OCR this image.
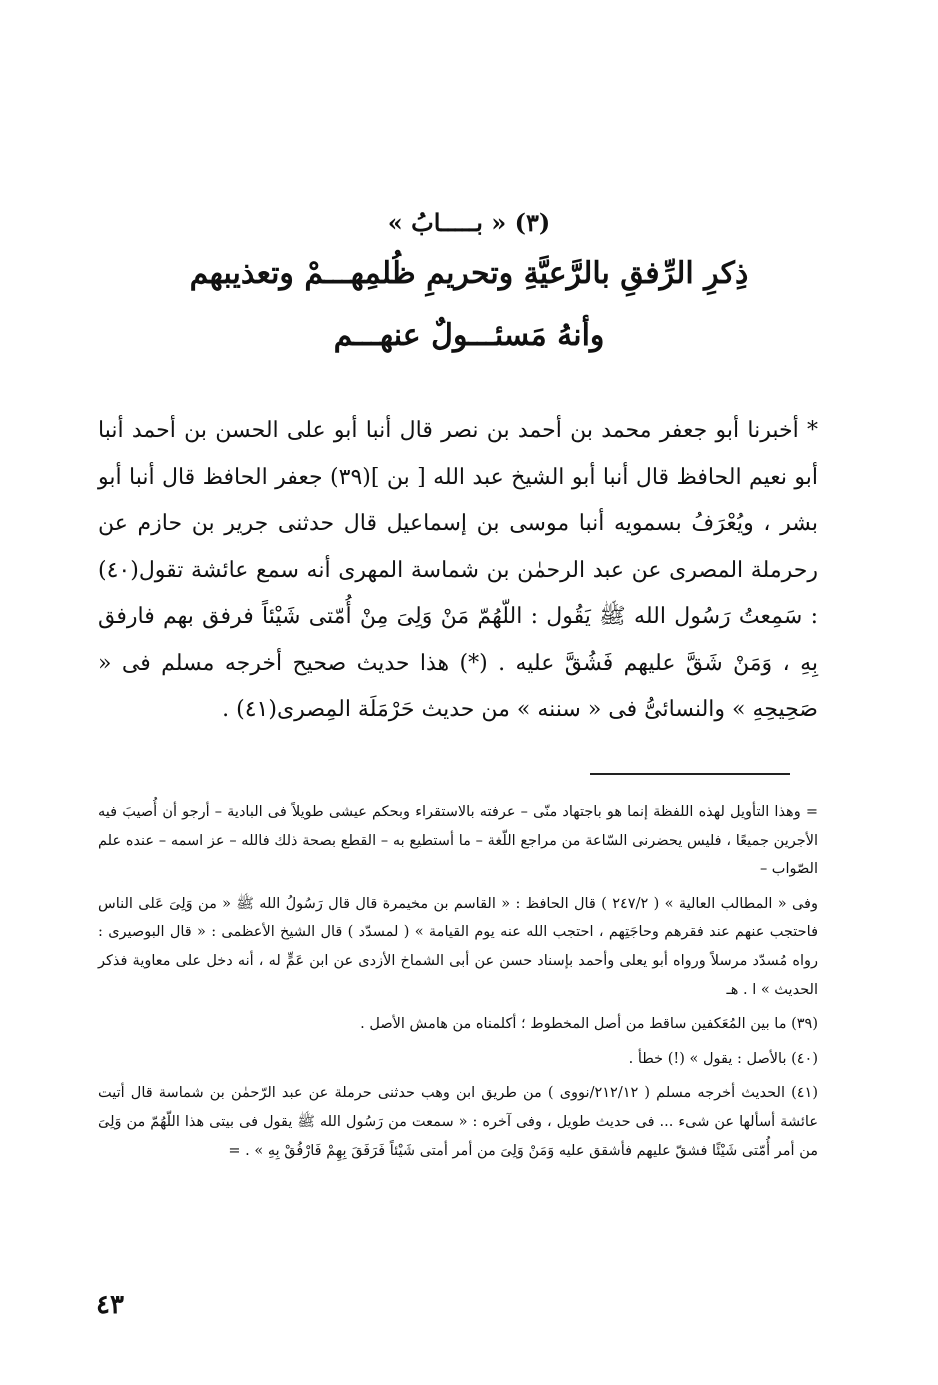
(٣) « بـــــابُ »
ذِكرِ الرِّفقِ بالرَّعيَّةِ وتحريمِ ظُلمِهـــمْ وتعذيبهم
وأنهُ مَسئـــولٌ عنهـــم

* أخبرنا أبو جعفر محمد بن أحمد بن نصر قال أنبا أبو على الحسن بن أحمد أنبا أبو نعيم الحافظ قال أنبا أبو الشيخ عبد الله [ بن ](٣٩) جعفر الحافظ قال أنبا أبو بشر ، ويُعْرَفُ بسمويه أنبا موسى بن إسماعيل قال حدثنى جرير بن حازم عن رحرملة المصرى عن عبد الرحمٰن بن شماسة المهرى أنه سمع عائشة تقول(٤٠) : سَمِعتُ رَسُول الله ﷺ يَقُول : اللّهُمّ مَنْ وَلِىَ مِنْ أُمّتى شَيْئاً فرفق بهم فارفق بِهِ ، وَمَنْ شَقَّ عليهم فَشُقَّ عليه . (*) هذا حديث صحيح أخرجه مسلم فى « صَحِيحِهِ » والنسائىُّ فى « سننه » من حديث حَرْمَلَة المِصرى(٤١) .

= وهذا التأويل لهذه اللفظة إنما هو باجتهاد منّى – عرفته بالاستقراء وبحكم عيشى طويلاً فى البادية – أرجو أن أُصيبَ فيه الأجرين جميعًا ، فليس يحضرنى السّاعة من مراجع اللّغة – ما أستطيع به – القطع بصحة ذلك فالله – عز اسمه – عنده علم الصّواب –

وفى « المطالب العالية » ( ٢٤٧/٢ ) قال الحافظ : « القاسم بن مخيمرة قال قال رَسُولُ الله ﷺ « من وَلِىَ عَلى الناس فاحتجب عنهم عند فقرهم وحاجَتِهم ، احتجب الله عنه يوم القيامة » ( لمسدّد ) قال الشيخ الأعظمى : « قال البوصيرى : رواه مُسدّد مرسلاً ورواه أبو يعلى وأحمد بإسناد حسن عن أبى الشماخ الأزدى عن ابن عَمٍّ له ، أنه دخل على معاوية فذكر الحديث » ا . هـ

(٣٩) ما بين المُعَكفين ساقط من أصل المخطوط ؛ أكلمناه من هامش الأصل .

(٤٠) بالأصل : يقول » (!) خطأ .

(٤١) الحديث أخرجه مسلم ( ٢١٢/١٢/نووى ) من طريق ابن وهب حدثنى حرملة عن عبد الرّحمٰن بن شماسة قال أتيت عائشة أسألها عن شىء ... فى حديث طويل ، وفى آخره : « سمعت من رَسُول الله ﷺ يقول فى بيتى هذا اللّهُمّ من وَلِىَ من أمر أُمّتى شَيْئًا فشقّ عليهم فأشقق عليه وَمَنْ وَلِىَ من أمر أمتى شَيْئاً فَرَفَقَ بِهِمْ فَارْفُقْ بِهِ » . =

٤٣
